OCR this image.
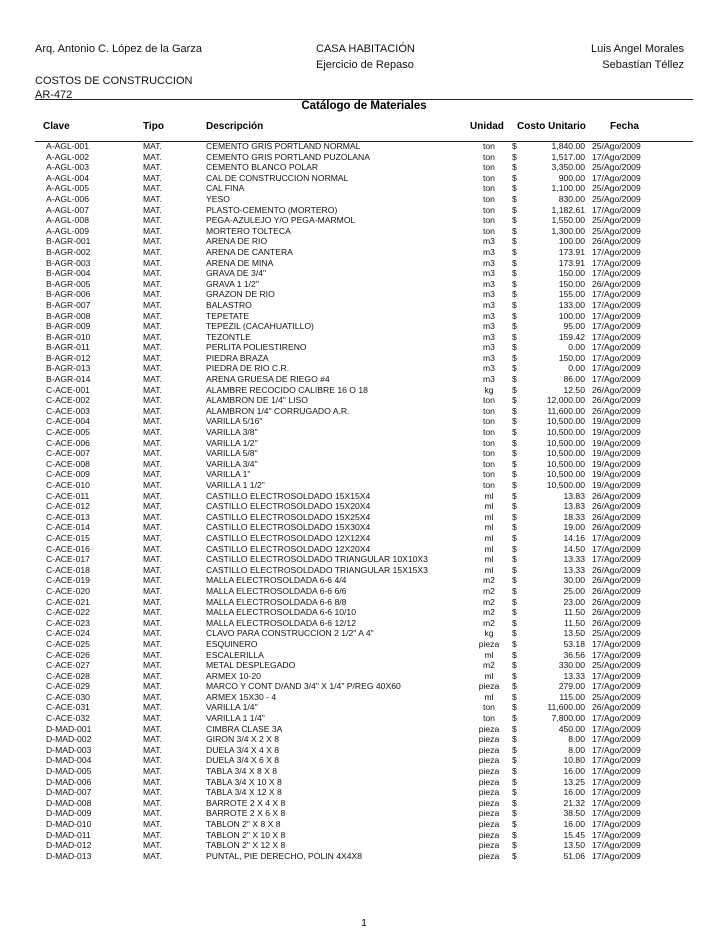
Arq. Antonio C. López de la Garza	CASA HABITACIÓN
Ejercicio de Repaso
Luis Angel Morales
Sebastían Téllez
COSTOS DE CONSTRUCCION
AR-472
Catálogo de Materiales
Clave	Tipo	Descripción	Unidad Costo Unitario Fecha
A-AGL-001	MAT.	CEMENTO GRIS PORTLAND NORMAL	ton	$	1,840.00 25/Ago/2009
A-AGL-002	MAT.	CEMENTO GRIS PORTLAND PUZOLANA	ton	$	1,517.00 17/Ago/2009
A-AGL-003	MAT.	CEMENTO BLANCO POLAR	ton	$	3,350.00 25/Ago/2009
A-AGL-004	MAT.	CAL DE CONSTRUCCION NORMAL	ton	$	900.00 17/Ago/2009
A-AGL-005	MAT.	CAL FINA	ton	$	1,100.00 25/Ago/2009
A-AGL-006	MAT.	YESO	ton	$	830.00 25/Ago/2009
A-AGL-007	MAT.	PLASTO-CEMENTO (MORTERO)	ton	$	1,182.61 17/Ago/2009
A-AGL-008	MAT.	PEGA-AZULEJO Y/O PEGA-MARMOL	ton	$	1,550.00 25/Ago/2009
A-AGL-009	MAT.	MORTERO TOLTECA	ton	$	1,300.00 25/Ago/2009
B-AGR-001	MAT.	ARENA DE RIO	m3	$	100.00 26/Ago/2009
B-AGR-002	MAT.	ARENA DE CANTERA	m3	$	173.91 17/Ago/2009
B-AGR-003	MAT.	ARENA DE MINA	m3	$	173.91 17/Ago/2009
B-AGR-004	MAT.	GRAVA DE 3/4"	m3	$	150.00 17/Ago/2009
B-AGR-005	MAT.	GRAVA 1 1/2"	m3	$	150.00 26/Ago/2009
B-AGR-006	MAT.	GRAZON DE RIO	m3	$	155.00 17/Ago/2009
B-AGR-007	MAT.	BALASTRO	m3	$	133.00 17/Ago/2009
B-AGR-008	MAT.	TEPETATE	m3	$	100.00 17/Ago/2009
B-AGR-009	MAT.	TEPEZIL (CACAHUATILLO)	m3	$	95.00 17/Ago/2009
B-AGR-010	MAT.	TEZONTLE	m3	$	159.42 17/Ago/2009
B-AGR-011	MAT.	PERLITA POLIESTIRENO	m3	$	0.00 17/Ago/2009
B-AGR-012	MAT.	PIEDRA BRAZA	m3	$	150.00 17/Ago/2009
B-AGR-013	MAT.	PIEDRA DE RIO C.R.	m3	$	0.00 17/Ago/2009
B-AGR-014	MAT.	ARENA GRUESA DE RIEGO #4	m3	$	86.00 17/Ago/2009
C-ACE-001	MAT.	ALAMBRE RECOCIDO CALIBRE 16 O 18	kg	$	12.50 26/Ago/2009
C-ACE-002	MAT.	ALAMBRON DE 1/4" LISO	ton	$	12,000.00 26/Ago/2009
C-ACE-003	MAT.	ALAMBRON 1/4" CORRUGADO A.R.	ton	$	11,600.00 26/Ago/2009
C-ACE-004	MAT.	VARILLA 5/16"	ton	$	10,500.00 19/Ago/2009
C-ACE-005	MAT.	VARILLA 3/8"	ton	$	10,500.00 19/Ago/2009
C-ACE-006	MAT.	VARILLA 1/2"	ton	$	10,500.00 19/Ago/2009
C-ACE-007	MAT.	VARILLA 5/8"	ton	$	10,500.00 19/Ago/2009
C-ACE-008	MAT.	VARILLA 3/4"	ton	$	10,500.00 19/Ago/2009
C-ACE-009	MAT.	VARILLA 1"	ton	$	10,500.00 19/Ago/2009
C-ACE-010	MAT.	VARILLA 1 1/2"	ton	$	10,500.00 19/Ago/2009
C-ACE-011	MAT.	CASTILLO ELECTROSOLDADO 15X15X4	ml	$	13.83 26/Ago/2009
C-ACE-012	MAT.	CASTILLO ELECTROSOLDADO 15X20X4	ml	$	13.83 26/Ago/2009
C-ACE-013	MAT.	CASTILLO ELECTROSOLDADO 15X25X4	ml	$	18.33 26/Ago/2009
C-ACE-014	MAT.	CASTILLO ELECTROSOLDADO 15X30X4	ml	$	19.00 26/Ago/2009
C-ACE-015	MAT.	CASTILLO ELECTROSOLDADO 12X12X4	ml	$	14.16 17/Ago/2009
C-ACE-016	MAT.	CASTILLO ELECTROSOLDADO 12X20X4	ml	$	14.50 17/Ago/2009
C-ACE-017	MAT.	CASTILLO ELECTROSOLDADO TRIANGULAR 10X10X3	ml	$	13.33 17/Ago/2009
C-ACE-018	MAT.	CASTILLO ELECTROSOLDADO TRIANGULAR 15X15X3	ml	$	13.33 26/Ago/2009
C-ACE-019	MAT.	MALLA ELECTROSOLDADA 6-6 4/4	m2	$	30.00 26/Ago/2009
C-ACE-020	MAT.	MALLA ELECTROSOLDADA 6-6 6/6	m2	$	25.00 26/Ago/2009
C-ACE-021	MAT.	MALLA ELECTROSOLDADA 6-6 8/8	m2	$	23.00 26/Ago/2009
C-ACE-022	MAT.	MALLA ELECTROSOLDADA 6-6 10/10	m2	$	11.50 26/Ago/2009
C-ACE-023	MAT.	MALLA ELECTROSOLDADA 6-6 12/12	m2	$	11.50 26/Ago/2009
C-ACE-024	MAT.	CLAVO PARA CONSTRUCCION 2 1/2" A 4"	kg	$	13.50 25/Ago/2009
C-ACE-025	MAT.	ESQUINERO	pieza	$	53.18 17/Ago/2009
C-ACE-026	MAT.	ESCALERILLA	ml	$	36.56 17/Ago/2009
C-ACE-027	MAT.	METAL DESPLEGADO	m2	$	330.00 25/Ago/2009
C-ACE-028	MAT.	ARMEX 10-20	ml	$	13.33 17/Ago/2009
C-ACE-029	MAT.	MARCO Y CONT D/AND 3/4" X 1/4" P/REG 40X60	pieza	$	279.00 17/Ago/2009
C-ACE-030	MAT.	ARMEX 15X30 - 4	ml	$	115.00 25/Ago/2009
C-ACE-031	MAT.	VARILLA 1/4"	ton	$	11,600.00 26/Ago/2009
C-ACE-032	MAT.	VARILLA 1 1/4"	ton	$	7,800.00 17/Ago/2009
D-MAD-001	MAT.	CIMBRA CLASE 3A	pieza	$	450.00 17/Ago/2009
D-MAD-002	MAT.	GIRON 3/4 X 2 X 8	pieza	$	8.00 17/Ago/2009
D-MAD-003	MAT.	DUELA 3/4 X 4 X 8	pieza	$	8.00 17/Ago/2009
D-MAD-004	MAT.	DUELA 3/4 X 6 X 8	pieza	$	10.80 17/Ago/2009
D-MAD-005	MAT.	TABLA 3/4 X 8 X 8	pieza	$	16.00 17/Ago/2009
D-MAD-006	MAT.	TABLA 3/4 X 10 X 8	pieza	$	13.25 17/Ago/2009
D-MAD-007	MAT.	TABLA 3/4 X 12 X 8	pieza	$	16.00 17/Ago/2009
D-MAD-008	MAT.	BARROTE 2 X 4 X 8	pieza	$	21.32 17/Ago/2009
D-MAD-009	MAT.	BARROTE 2 X 6 X 8	pieza	$	38.50 17/Ago/2009
D-MAD-010	MAT.	TABLON 2" X 8 X 8	pieza	$	16.00 17/Ago/2009
D-MAD-011	MAT.	TABLON 2" X 10 X 8	pieza	$	15.45 17/Ago/2009
D-MAD-012	MAT.	TABLON 2" X 12 X 8	pieza	$	13.50 17/Ago/2009
D-MAD-013	MAT.	PUNTAL, PIE DERECHO, POLIN 4X4X8	pieza	$	51.06 17/Ago/2009
1
